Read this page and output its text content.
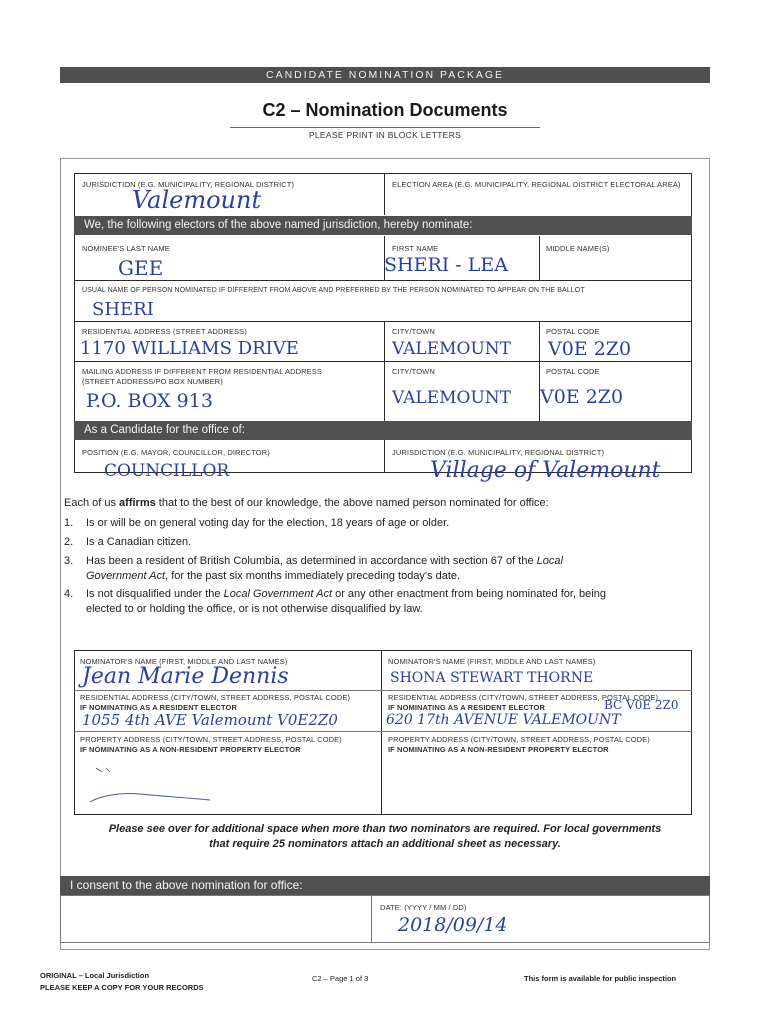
CANDIDATE NOMINATION PACKAGE
C2 – Nomination Documents
PLEASE PRINT IN BLOCK LETTERS
JURISDICTION (E.G. MUNICIPALITY, REGIONAL DISTRICT)
Valemount
ELECTION AREA (E.G. MUNICIPALITY, REGIONAL DISTRICT ELECTORAL AREA)
We, the following electors of the above named jurisdiction, hereby nominate:
NOMINEE'S LAST NAME
GEE
FIRST NAME
SHERI - LEA
MIDDLE NAME(S)
USUAL NAME OF PERSON NOMINATED IF DIFFERENT FROM ABOVE AND PREFERRED BY THE PERSON NOMINATED TO APPEAR ON THE BALLOT
SHERI
RESIDENTIAL ADDRESS (STREET ADDRESS)
1170 WILLIAMS DRIVE
CITY/TOWN
VALEMOUNT
POSTAL CODE
V0E 2Z0
MAILING ADDRESS IF DIFFERENT FROM RESIDENTIAL ADDRESS
(STREET ADDRESS/PO BOX NUMBER)
P.O. BOX 913
CITY/TOWN
VALEMOUNT
POSTAL CODE
V0E 2Z0
As a Candidate for the office of:
POSITION (E.G. MAYOR, COUNCILLOR, DIRECTOR)
COUNCILLOR
JURISDICTION (E.G. MUNICIPALITY, REGIONAL DISTRICT)
Village of Valemount
Each of us affirms that to the best of our knowledge, the above named person nominated for office:
1. Is or will be on general voting day for the election, 18 years of age or older.
2. Is a Canadian citizen.
3. Has been a resident of British Columbia, as determined in accordance with section 67 of the Local
Government Act, for the past six months immediately preceding today's date.
4. Is not disqualified under the Local Government Act or any other enactment from being nominated for, being
elected to or holding the office, or is not otherwise disqualified by law.
NOMINATOR'S NAME (FIRST, MIDDLE AND LAST NAMES)
Jean Marie Dennis
RESIDENTIAL ADDRESS (CITY/TOWN, STREET ADDRESS, POSTAL CODE)
IF NOMINATING AS A RESIDENT ELECTOR
1055 4th AVE Valemount V0E2Z0
PROPERTY ADDRESS (CITY/TOWN, STREET ADDRESS, POSTAL CODE)
IF NOMINATING AS A NON-RESIDENT PROPERTY ELECTOR
NOMINATOR'S NAME (FIRST, MIDDLE AND LAST NAMES)
SHONA STEWART THORNE
RESIDENTIAL ADDRESS (CITY/TOWN, STREET ADDRESS, POSTAL CODE)
IF NOMINATING AS A RESIDENT ELECTOR	BC V0E 2Z0
620 17th AVENUE VALEMOUNT
PROPERTY ADDRESS (CITY/TOWN, STREET ADDRESS, POSTAL CODE)
IF NOMINATING AS A NON-RESIDENT PROPERTY ELECTOR
Please see over for additional space when more than two nominators are required. For local governments
that require 25 nominators attach an additional sheet as necessary.
I consent to the above nomination for office:
DATE: (YYYY / MM / DD)
2018/09/14
ORIGINAL – Local Jurisdiction
PLEASE KEEP A COPY FOR YOUR RECORDS
C2 – Page 1 of 3	This form is available for public inspection
